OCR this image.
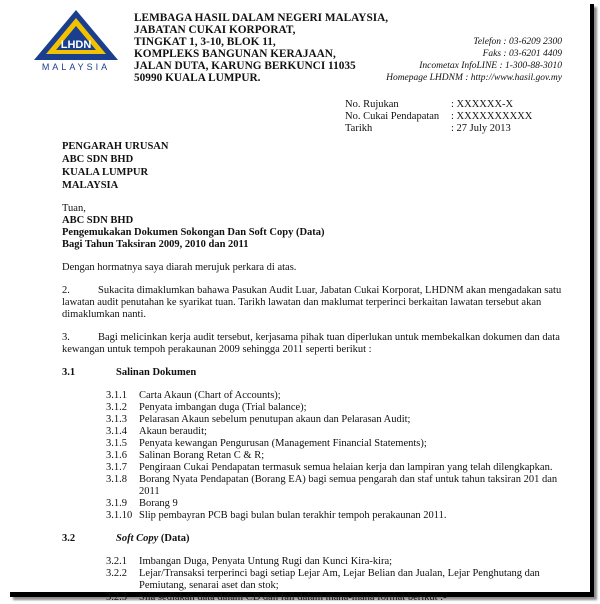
LHDN
MALAYSIA
LEMBAGA HASIL DALAM NEGERI MALAYSIA,
JABATAN CUKAI KORPORAT,
TINGKAT 1, 3-10, BLOK 11,
KOMPLEKS BANGUNAN KERAJAAN,
JALAN DUTA, KARUNG BERKUNCI 11035
50990 KUALA LUMPUR.
Telefon : 03-6209 2300
Faks : 03-6201 4409
Incometax InfoLINE : 1-300-88-3010
Homepage LHDNM : http://www.hasil.gov.my
No. Rujukan	: XXXXXX-X
No. Cukai Pendapatan	: XXXXXXXXXX
Tarikh	: 27 July 2013
PENGARAH URUSAN
ABC SDN BHD
KUALA LUMPUR
MALAYSIA

Tuan,

ABC SDN BHD

Pengemukakan Dokumen Sokongan Dan Soft Copy (Data)

Bagi Tahun Taksiran 2009, 2010 dan 2011

Dengan hormatnya saya diarah merujuk perkara di atas.

2.	Sukacita dimaklumkan bahawa Pasukan Audit Luar, Jabatan Cukai Korporat, LHDNM akan mengadakan satu lawatan audit penutahan ke syarikat tuan. Tarikh lawatan dan maklumat terperinci berkaitan lawatan tersebut akan dimaklumkan nanti.

3.	Bagi melicinkan kerja audit tersebut, kerjasama pihak tuan diperlukan untuk membekalkan dokumen dan data kewangan untuk tempoh perakaunan 2009 sehingga 2011 seperti berikut :

3.1	Salinan Dokumen
3.1.1	Carta Akaun (Chart of Accounts);
3.1.2	Penyata imbangan duga (Trial balance);
3.1.3	Pelarasan Akaun sebelum penutupan akaun dan Pelarasan Audit;
3.1.4	Akaun beraudit;
3.1.5	Penyata kewangan Pengurusan (Management Financial Statements);
3.1.6	Salinan Borang Retan C & R;
3.1.7	Pengiraan Cukai Pendapatan termasuk semua helaian kerja dan lampiran yang telah dilengkapkan.
3.1.8	Borang Nyata Pendapatan (Borang EA) bagi semua pengarah dan staf untuk tahun taksiran 201 dan 2011
3.1.9	Borang 9
3.1.10 Slip pembayran PCB bagi bulan bulan terakhir tempoh perakaunan 2011.
3.2	Soft Copy (Data)
3.2.1	Imbangan Duga, Penyata Untung Rugi dan Kunci Kira-kira;
3.2.2	Lejar/Transaksi terperinci bagi setiap Lejar Am, Lejar Belian dan Jualan, Lejar Penghutang dan Pemiutang, senarai aset dan stok;
3.2.3	Sila sediakan data dalam CD dan fail dalam mana-mana format berikut :-
